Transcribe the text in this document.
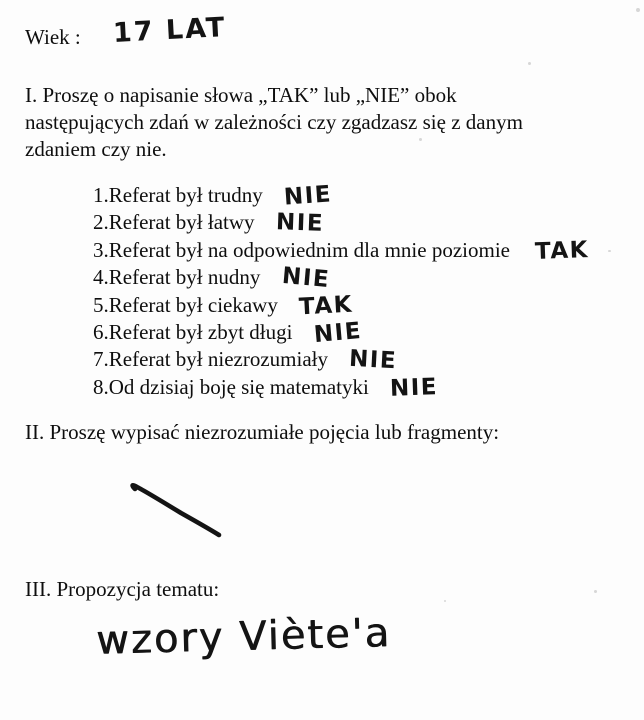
Wiek : 17 LAT
I. Proszę o napisanie słowa „TAK” lub „NIE” obok
następujących zdań w zależności czy zgadzasz się z danym
zdaniem czy nie.
1.Referat był trudny NIE
2.Referat był łatwy NIE
3.Referat był na odpowiednim dla mnie poziomie TAK
4.Referat był nudny NIE
5.Referat był ciekawy TAK
6.Referat był zbyt długi NIE
7.Referat był niezrozumiały NIE
8.Od dzisiaj boję się matematyki NIE
II. Proszę wypisać niezrozumiałe pojęcia lub fragmenty:
III. Propozycja tematu:
wzory Viète'a
